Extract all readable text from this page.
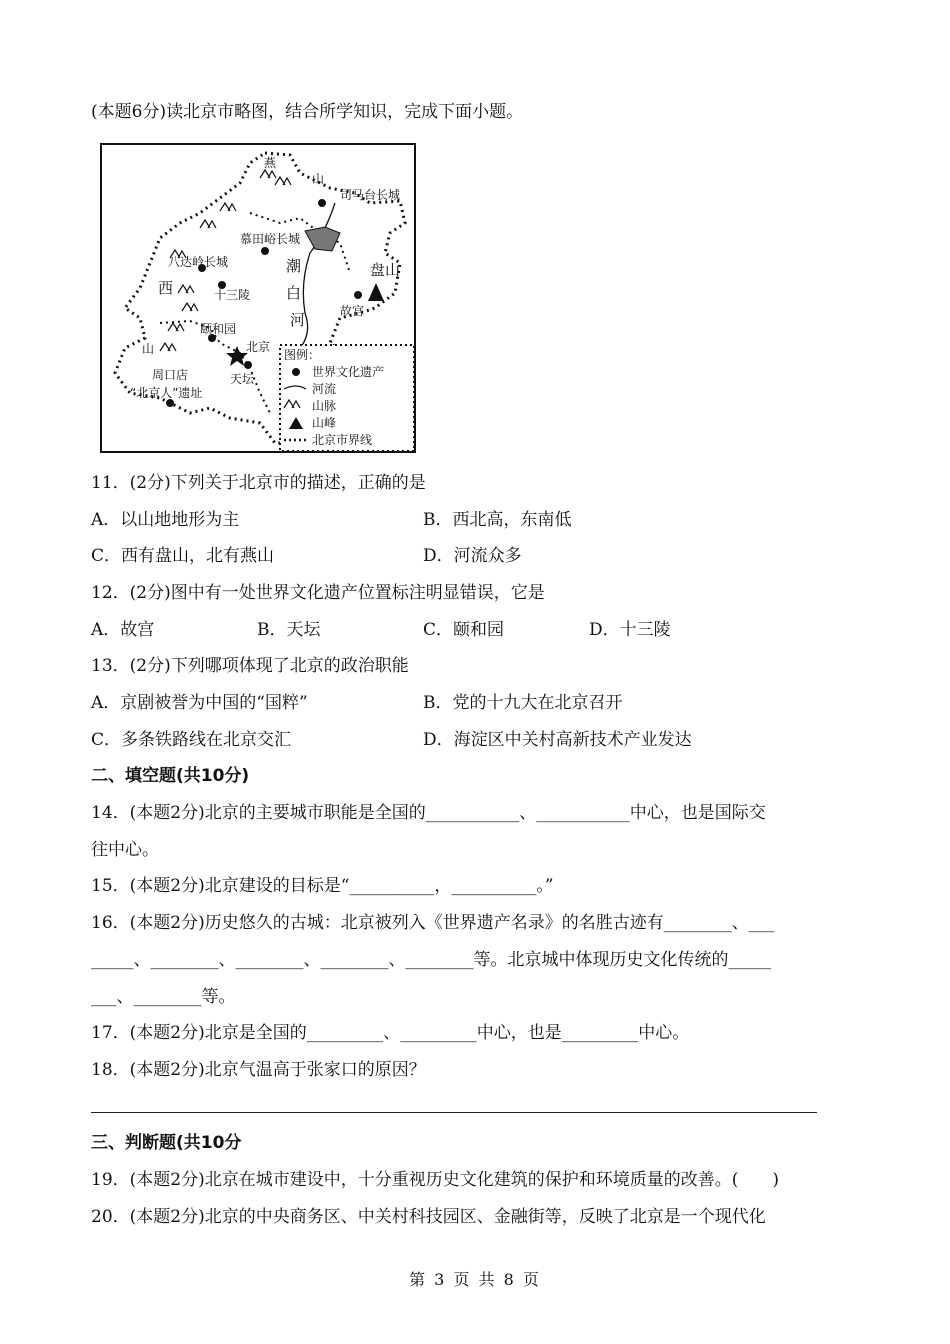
(本题6分)读北京市略图，结合所学知识，完成下面小题。
燕
山
司马台长城
慕田峪长城
八达岭长城	潮
白
河
盘山
西	十三陵
故宫
颐和园
山	北京
天坛
周口店
“北京人”遗址
图例：
世界文化遗产
河流
山脉
山峰
北京市界线
11．(2分)下列关于北京市的描述，正确的是
A．以山地地形为主	B．西北高，东南低
C．西有盘山，北有燕山	D．河流众多
12．(2分)图中有一处世界文化遗产位置标注明显错误，它是
A．故宫	B．天坛	C．颐和园	D．十三陵
13．(2分)下列哪项体现了北京的政治职能
A．京剧被誉为中国的“国粹”	B．党的十九大在北京召开
C．多条铁路线在北京交汇	D．海淀区中关村高新技术产业发达
二、填空题(共10分)
14．(本题2分)北京的主要城市职能是全国的___________、___________中心，也是国际交
往中心。
15．(本题2分)北京建设的目标是“__________，__________。”
16．(本题2分)历史悠久的古城：北京被列入《世界遗产名录》的名胜古迹有________、___
_____、________、________、________、________等。北京城中体现历史文化传统的_____
___、________等。
17．(本题2分)北京是全国的_________、_________中心，也是_________中心。
18．(本题2分)北京气温高于张家口的原因？
三、判断题(共10分
19．(本题2分)北京在城市建设中，十分重视历史文化建筑的保护和环境质量的改善。(　　)
20．(本题2分)北京的中央商务区、中关村科技园区、金融街等，反映了北京是一个现代化
第 3 页 共 8 页
